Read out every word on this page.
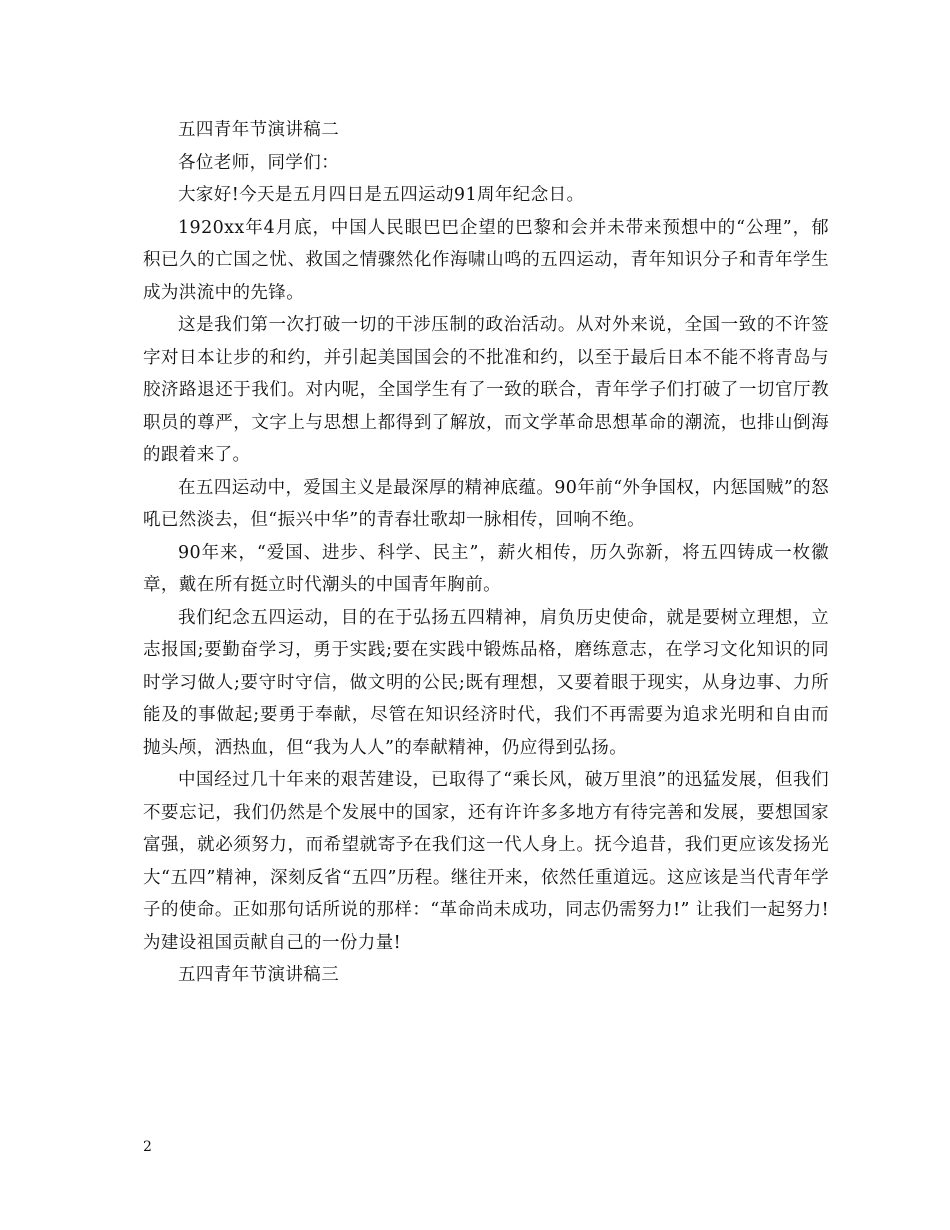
五四青年节演讲稿二

各位老师，同学们：

大家好!今天是五月四日是五四运动91周年纪念日。

1920xx年4月底，中国人民眼巴巴企望的巴黎和会并未带来预想中的“公理”，郁积已久的亡国之忧、救国之情骤然化作海啸山鸣的五四运动，青年知识分子和青年学生成为洪流中的先锋。

这是我们第一次打破一切的干涉压制的政治活动。从对外来说，全国一致的不许签字对日本让步的和约，并引起美国国会的不批准和约，以至于最后日本不能不将青岛与胶济路退还于我们。对内呢，全国学生有了一致的联合，青年学子们打破了一切官厅教职员的尊严，文字上与思想上都得到了解放，而文学革命思想革命的潮流，也排山倒海的跟着来了。

在五四运动中，爱国主义是最深厚的精神底蕴。90年前“外争国权，内惩国贼”的怒吼已然淡去，但“振兴中华”的青春壮歌却一脉相传，回响不绝。

90年来，“爱国、进步、科学、民主”，薪火相传，历久弥新，将五四铸成一枚徽章，戴在所有挺立时代潮头的中国青年胸前。

我们纪念五四运动，目的在于弘扬五四精神，肩负历史使命，就是要树立理想，立志报国;要勤奋学习，勇于实践;要在实践中锻炼品格，磨练意志，在学习文化知识的同时学习做人;要守时守信，做文明的公民;既有理想，又要着眼于现实，从身边事、力所能及的事做起;要勇于奉献，尽管在知识经济时代，我们不再需要为追求光明和自由而抛头颅，洒热血，但“我为人人”的奉献精神，仍应得到弘扬。

中国经过几十年来的艰苦建设，已取得了“乘长风，破万里浪”的迅猛发展，但我们不要忘记，我们仍然是个发展中的国家，还有许许多多地方有待完善和发展，要想国家富强，就必须努力，而希望就寄予在我们这一代人身上。抚今追昔，我们更应该发扬光大“五四”精神，深刻反省“五四”历程。继往开来，依然任重道远。这应该是当代青年学子的使命。正如那句话所说的那样：“革命尚未成功，同志仍需努力!” 让我们一起努力!为建设祖国贡献自己的一份力量!

五四青年节演讲稿三

2
